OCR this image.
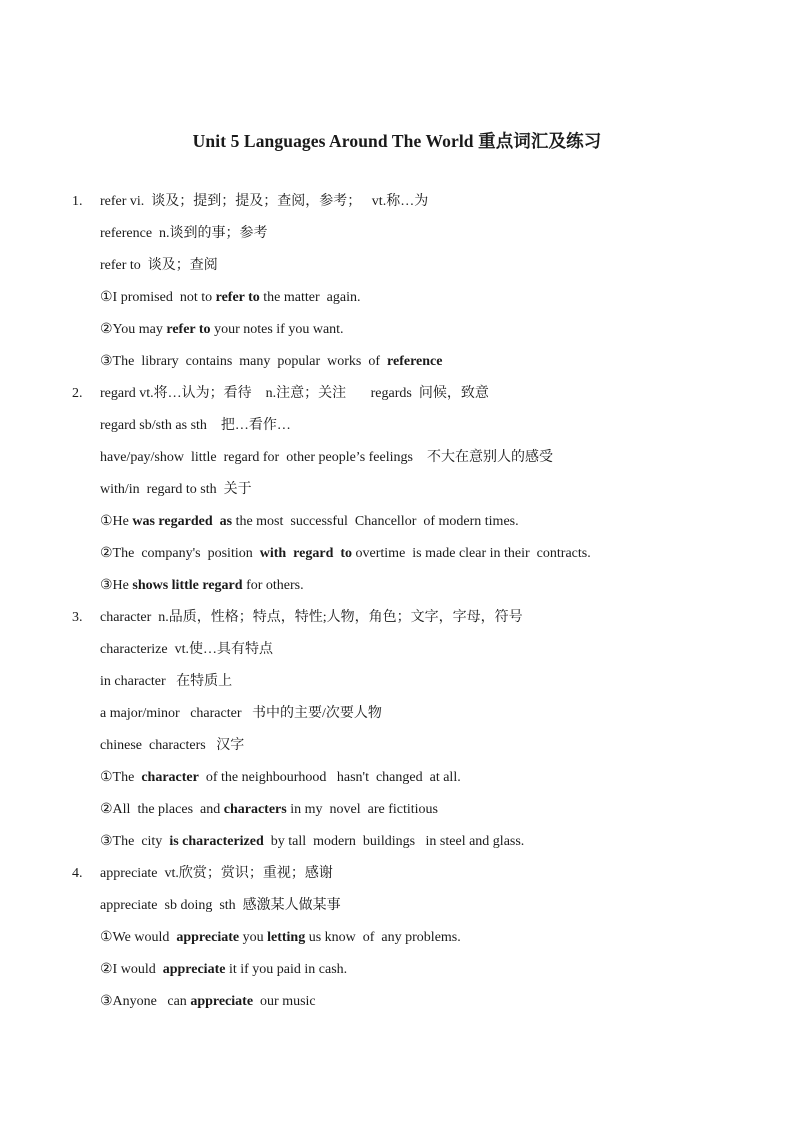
Unit 5 Languages Around The World 重点词汇及练习
1. refer vi.  谈及；提到；提及；查阅，参考；   vt.称…为
reference  n.谈到的事；参考
refer to  谈及；查阅
①I promised  not to refer to the matter  again.
②You may refer to your notes if you want.
③The  library  contains  many  popular  works  of  reference
2. regard vt.将…认为；看待    n.注意；关注       regards  问候，致意
regard sb/sth as sth    把…看作…
have/pay/show  little  regard for  other people’s feelings    不大在意别人的感受
with/in  regard to sth  关于
①He was regarded  as the most  successful  Chancellor  of modern times.
②The  company's  position  with  regard  to overtime  is made clear in their  contracts.
③He shows little regard for others.
3. character  n.品质，性格；特点，特性;人物，角色；文字，字母，符号
characterize  vt.使…具有特点
in character   在特质上
a major/minor   character   书中的主要/次要人物
chinese  characters   汉字
①The  character  of the neighbourhood   hasn't  changed  at all.
②All  the places  and characters in my  novel  are fictitious
③The  city  is characterized  by tall  modern  buildings   in steel and glass.
4. appreciate  vt.欣赏；赏识；重视；感谢
appreciate  sb doing  sth  感激某人做某事
①We would  appreciate you letting us know  of  any problems.
②I would  appreciate it if you paid in cash.
③Anyone   can appreciate  our music
